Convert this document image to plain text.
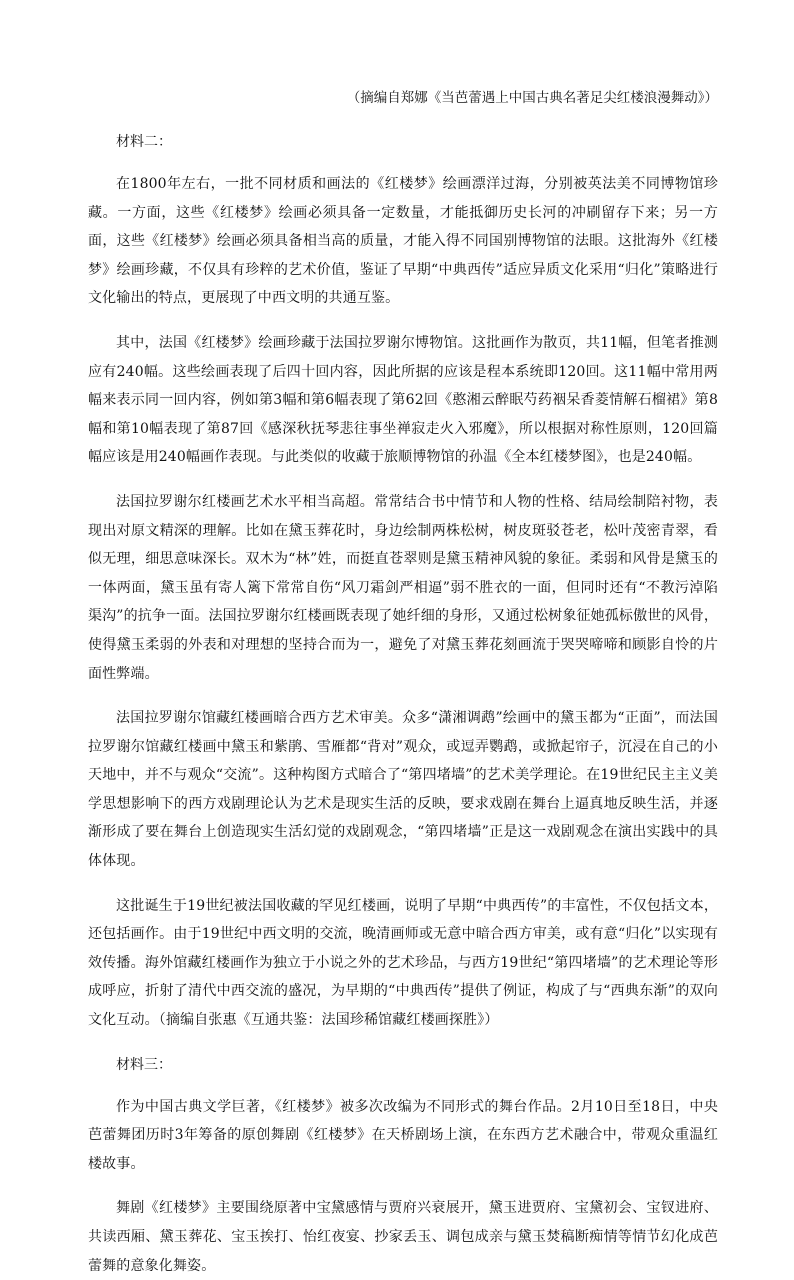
（摘编自郑娜《当芭蕾遇上中国古典名著足尖红楼浪漫舞动》）
材料二：

在1800年左右，一批不同材质和画法的《红楼梦》绘画漂洋过海，分别被英法美不同博物馆珍藏。一方面，这些《红楼梦》绘画必须具备一定数量，才能抵御历史长河的冲刷留存下来；另一方面，这些《红楼梦》绘画必须具备相当高的质量，才能入得不同国别博物馆的法眼。这批海外《红楼梦》绘画珍藏，不仅具有珍粹的艺术价值，鉴证了早期“中典西传”适应异质文化采用“归化”策略进行文化输出的特点，更展现了中西文明的共通互鉴。

其中，法国《红楼梦》绘画珍藏于法国拉罗谢尔博物馆。这批画作为散页，共11幅，但笔者推测应有240幅。这些绘画表现了后四十回内容，因此所据的应该是程本系统即120回。这11幅中常用两幅来表示同一回内容，例如第3幅和第6幅表现了第62回《憨湘云醉眠芍药裀呆香菱情解石榴裙》第8幅和第10幅表现了第87回《感深秋抚琴悲往事坐禅寂走火入邪魔》，所以根据对称性原则，120回篇幅应该是用240幅画作表现。与此类似的收藏于旅顺博物馆的孙温《全本红楼梦图》，也是240幅。

法国拉罗谢尔红楼画艺术水平相当高超。常常结合书中情节和人物的性格、结局绘制陪衬物，表现出对原文精深的理解。比如在黛玉葬花时，身边绘制两株松树，树皮斑驳苍老，松叶茂密青翠，看似无理，细思意味深长。双木为“林”姓，而挺直苍翠则是黛玉精神风貌的象征。柔弱和风骨是黛玉的一体两面，黛玉虽有寄人篱下常常自伤“风刀霜剑严相逼”弱不胜衣的一面，但同时还有“不教污淖陷渠沟”的抗争一面。法国拉罗谢尔红楼画既表现了她纤细的身形，又通过松树象征她孤标傲世的风骨，使得黛玉柔弱的外表和对理想的坚持合而为一，避免了对黛玉葬花刻画流于哭哭啼啼和顾影自怜的片面性弊端。

法国拉罗谢尔馆藏红楼画暗合西方艺术审美。众多“潇湘调鹉”绘画中的黛玉都为“正面”，而法国拉罗谢尔馆藏红楼画中黛玉和紫鹃、雪雁都“背对”观众，或逗弄鹦鹉，或掀起帘子，沉浸在自己的小天地中，并不与观众“交流”。这种构图方式暗合了“第四堵墙”的艺术美学理论。在19世纪民主主义美学思想影响下的西方戏剧理论认为艺术是现实生活的反映，要求戏剧在舞台上逼真地反映生活，并逐渐形成了要在舞台上创造现实生活幻觉的戏剧观念，“第四堵墙”正是这一戏剧观念在演出实践中的具体体现。

这批诞生于19世纪被法国收藏的罕见红楼画，说明了早期“中典西传”的丰富性，不仅包括文本，还包括画作。由于19世纪中西文明的交流，晚清画师或无意中暗合西方审美，或有意“归化”以实现有效传播。海外馆藏红楼画作为独立于小说之外的艺术珍品，与西方19世纪“第四堵墙”的艺术理论等形成呼应，折射了清代中西交流的盛况，为早期的“中典西传”提供了例证，构成了与“西典东渐”的双向文化互动。（摘编自张惠《互通共鉴：法国珍稀馆藏红楼画探胜》）

材料三：

作为中国古典文学巨著，《红楼梦》被多次改编为不同形式的舞台作品。2月10日至18日，中央芭蕾舞团历时3年筹备的原创舞剧《红楼梦》在天桥剧场上演，在东西方艺术融合中，带观众重温红楼故事。

舞剧《红楼梦》主要围绕原著中宝黛感情与贾府兴衰展开，黛玉进贾府、宝黛初会、宝钗进府、共读西厢、黛玉葬花、宝玉挨打、怡红夜宴、抄家丢玉、调包成亲与黛玉焚稿断痴情等情节幻化成芭蕾舞的意象化舞姿。
